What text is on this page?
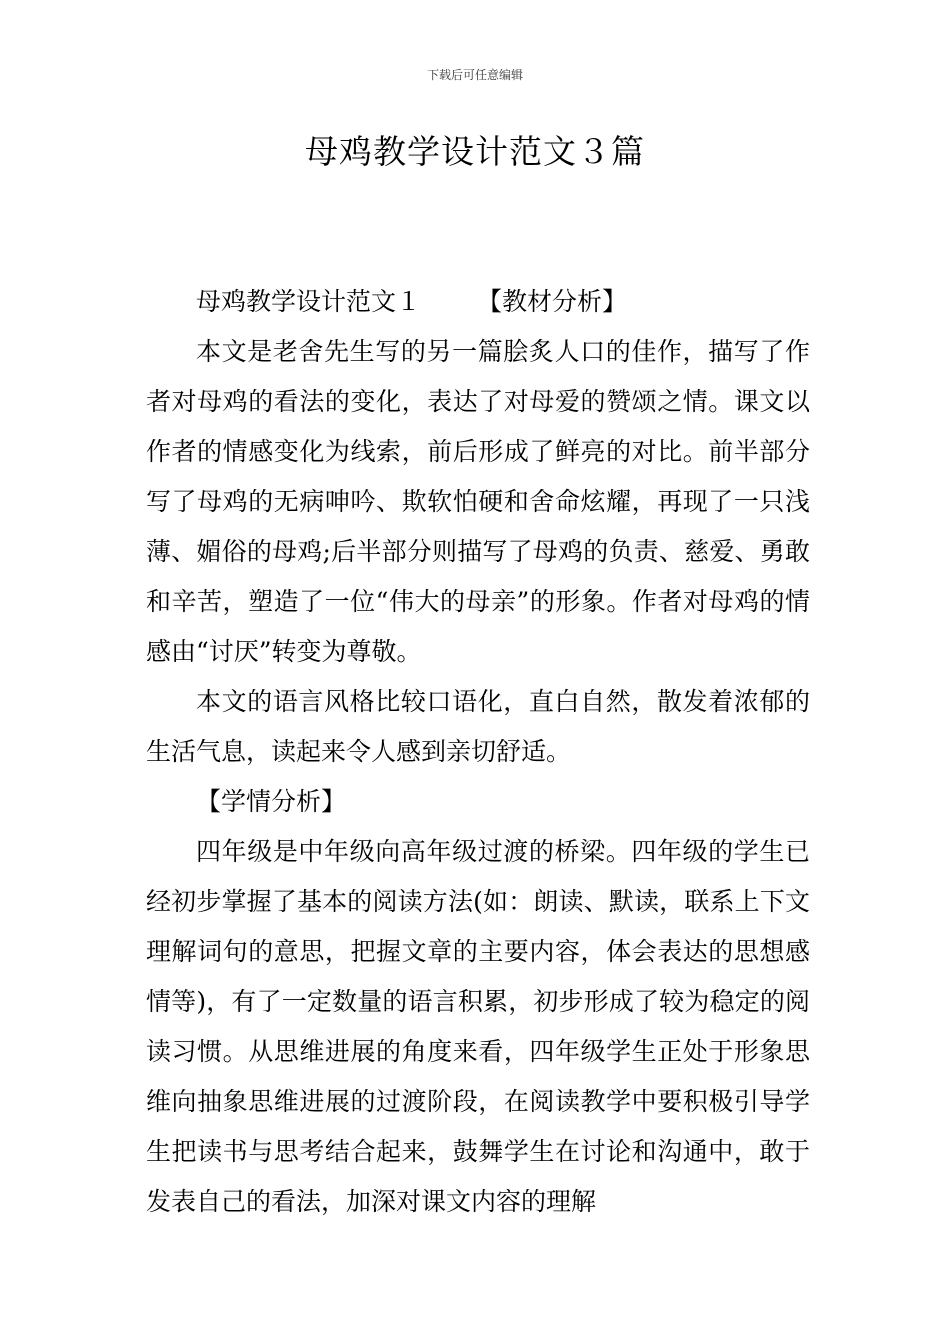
下载后可任意编辑
母鸡教学设计范文３篇

母鸡教学设计范文１ 【教材分析】

本文是老舍先生写的另一篇脍炙人口的佳作，描写了作者对母鸡的看法的变化，表达了对母爱的赞颂之情。课文以作者的情感变化为线索，前后形成了鲜亮的对比。前半部分写了母鸡的无病呻吟、欺软怕硬和舍命炫耀，再现了一只浅薄、媚俗的母鸡;后半部分则描写了母鸡的负责、慈爱、勇敢和辛苦，塑造了一位“伟大的母亲”的形象。作者对母鸡的情感由“讨厌”转变为尊敬。

本文的语言风格比较口语化，直白自然，散发着浓郁的生活气息，读起来令人感到亲切舒适。

【学情分析】

四年级是中年级向高年级过渡的桥梁。四年级的学生已经初步掌握了基本的阅读方法(如：朗读、默读，联系上下文理解词句的意思，把握文章的主要内容，体会表达的思想感情等)，有了一定数量的语言积累，初步形成了较为稳定的阅读习惯。从思维进展的角度来看，四年级学生正处于形象思维向抽象思维进展的过渡阶段，在阅读教学中要积极引导学生把读书与思考结合起来，鼓舞学生在讨论和沟通中，敢于发表自己的看法，加深对课文内容的理解
